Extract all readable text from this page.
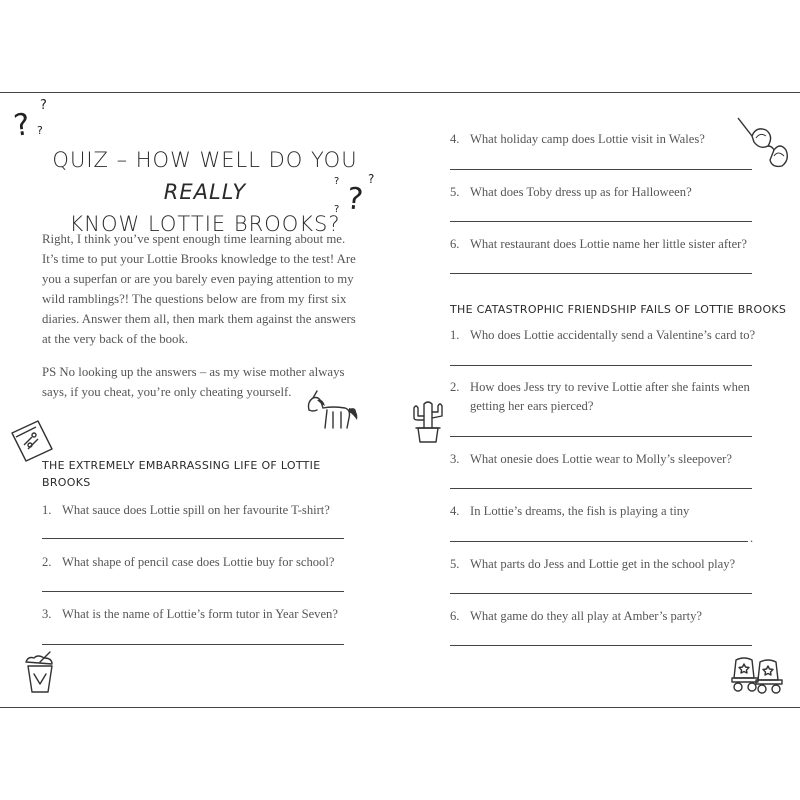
?
?
?
QUIZ – HOW WELL DO YOU REALLY
KNOW LOTTIE BROOKS?
?
? ?
?

Right, I think you’ve spent enough time learning about me. It’s time to put your Lottie Brooks knowledge to the test! Are you a superfan or are you barely even paying attention to my wild ramblings?! The questions below are from my first six diaries. Answer them all, then mark them against the answers at the very back of the book.

PS No looking up the answers – as my wise mother always says, if you cheat, you’re only cheating yourself.

THE EXTREMELY EMBARRASSING LIFE OF LOTTIE BROOKS
1. What sauce does Lottie spill on her favourite T-shirt?
2. What shape of pencil case does Lottie buy for school?
3. What is the name of Lottie’s form tutor in Year Seven?
4. What holiday camp does Lottie visit in Wales?
5. What does Toby dress up as for Halloween?
6. What restaurant does Lottie name her little sister after?
THE CATASTROPHIC FRIENDSHIP FAILS OF LOTTIE BROOKS
1. Who does Lottie accidentally send a Valentine’s card to?
2. How does Jess try to revive Lottie after she faints when getting her ears pierced?
3. What onesie does Lottie wear to Molly’s sleepover?
4. In Lottie’s dreams, the fish is playing a tiny
.
5. What parts do Jess and Lottie get in the school play?
6. What game do they all play at Amber’s party?
